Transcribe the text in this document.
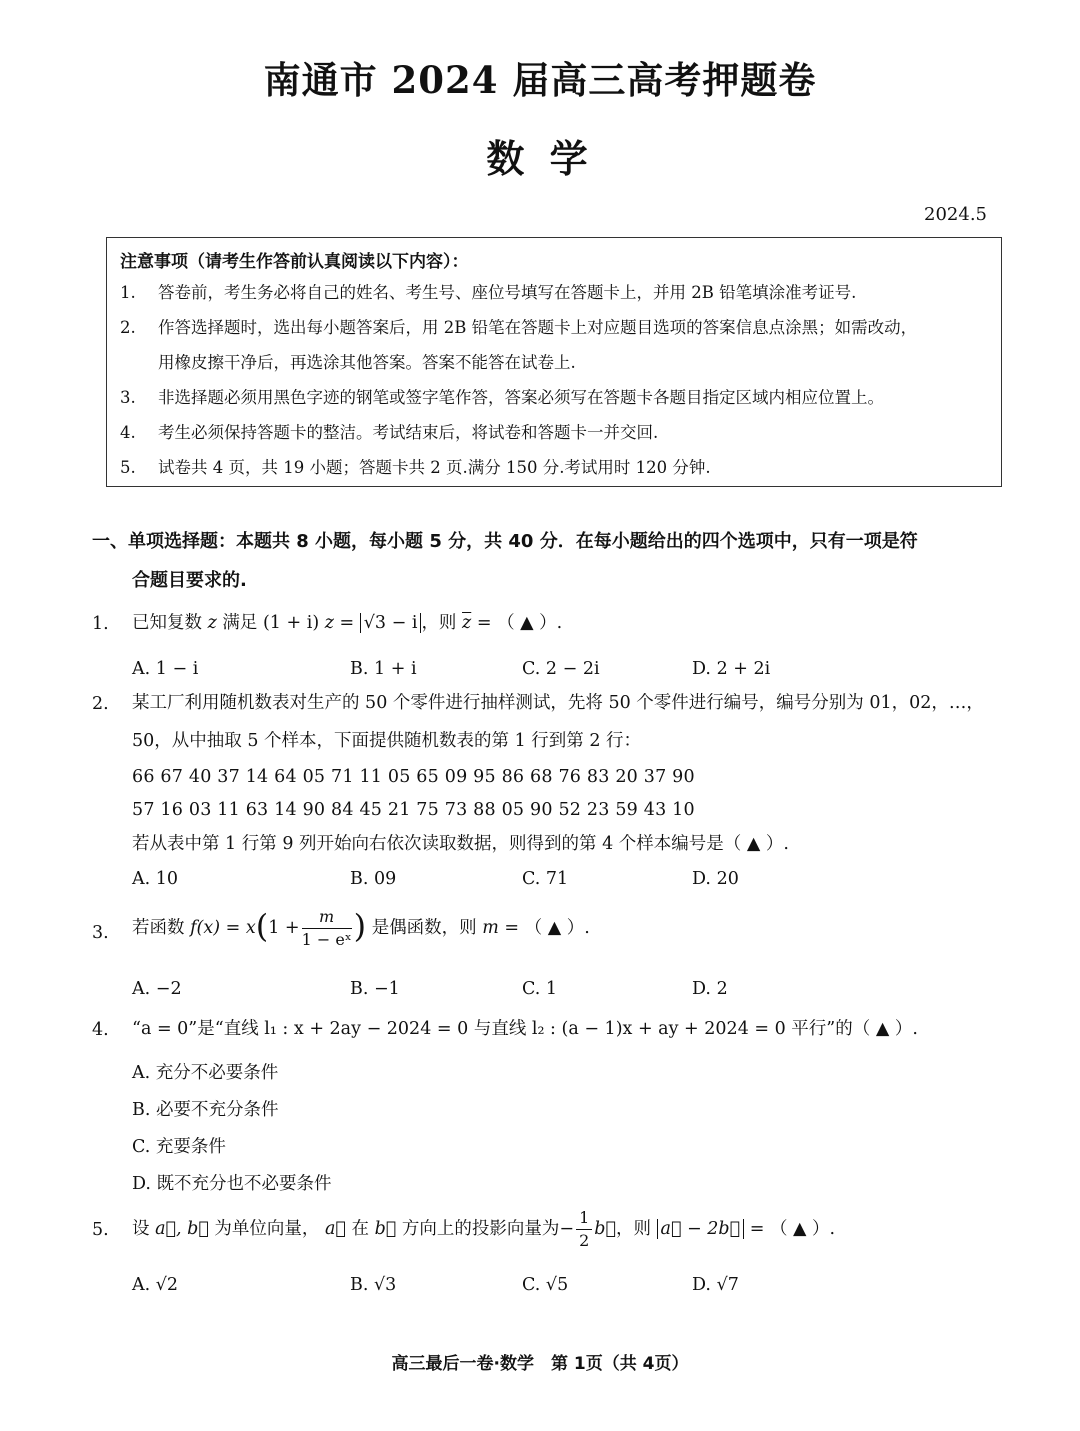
南通市 2024 届高三高考押题卷
数 学
2024.5
注意事项（请考生作答前认真阅读以下内容）：
1. 答卷前，考生务必将自己的姓名、考生号、座位号填写在答题卡上，并用 2B 铅笔填涂准考证号.
2. 作答选择题时，选出每小题答案后，用 2B 铅笔在答题卡上对应题目选项的答案信息点涂黑；如需改动，
用橡皮擦干净后，再选涂其他答案。答案不能答在试卷上.
3. 非选择题必须用黑色字迹的钢笔或签字笔作答，答案必须写在答题卡各题目指定区域内相应位置上。
4. 考生必须保持答题卡的整洁。考试结束后，将试卷和答题卡一并交回.
5. 试卷共 4 页，共 19 小题；答题卡共 2 页.满分 150 分.考试用时 120 分钟.
一、单项选择题：本题共 8 小题，每小题 5 分，共 40 分．在每小题给出的四个选项中，只有一项是符
合题目要求的.
1. 已知复数 z 满足 (1 + i) z = √3 − i ，则 $\overline{z}$ = （ ▲ ）.
A. 1 − i	B. 1 + i	C. 2 − 2i	D. 2 + 2i
2. 某工厂利用随机数表对生产的 50 个零件进行抽样测试，先将 50 个零件进行编号，编号分别为 01，02，…，
50，从中抽取 5 个样本，下面提供随机数表的第 1 行到第 2 行：
66 67 40 37 14 64 05 71 11 05 65 09 95 86 68 76 83 20 37 90
57 16 03 11 63 14 90 84 45 21 75 73 88 05 90 52 23 59 43 10
若从表中第 1 行第 9 列开始向右依次读取数据，则得到的第 4 个样本编号是（ ▲ ）.
A. 10	B. 09	C. 71	D. 20
3. 若函数 $f(x) = x(1 + \frac{m}{\text{1 − eˣ}}$ ) 是偶函数，则 m = （ ▲ ）.
A. −2	B. −1	C. 1	D. 2
4. “a = 0”是“直线 l₁ : x + 2ay − 2024 = 0 与直线 l₂ : (a − 1)x + ay + 2024 = 0 平行”的（ ▲ ）.
A. 充分不必要条件
B. 必要不充分条件
C. 充要条件
D. 既不充分也不必要条件
5. 设 a⃗, b⃗ 为单位向量， a⃗ 在 b⃗ 方向上的投影向量为− $\frac{1}{2}$ b⃗，则 a⃗ − 2b⃗ = （ ▲ ）.
A. √2	B. √3	C. √5	D. √7
高三最后一卷·数学　第 1页（共 4页）
